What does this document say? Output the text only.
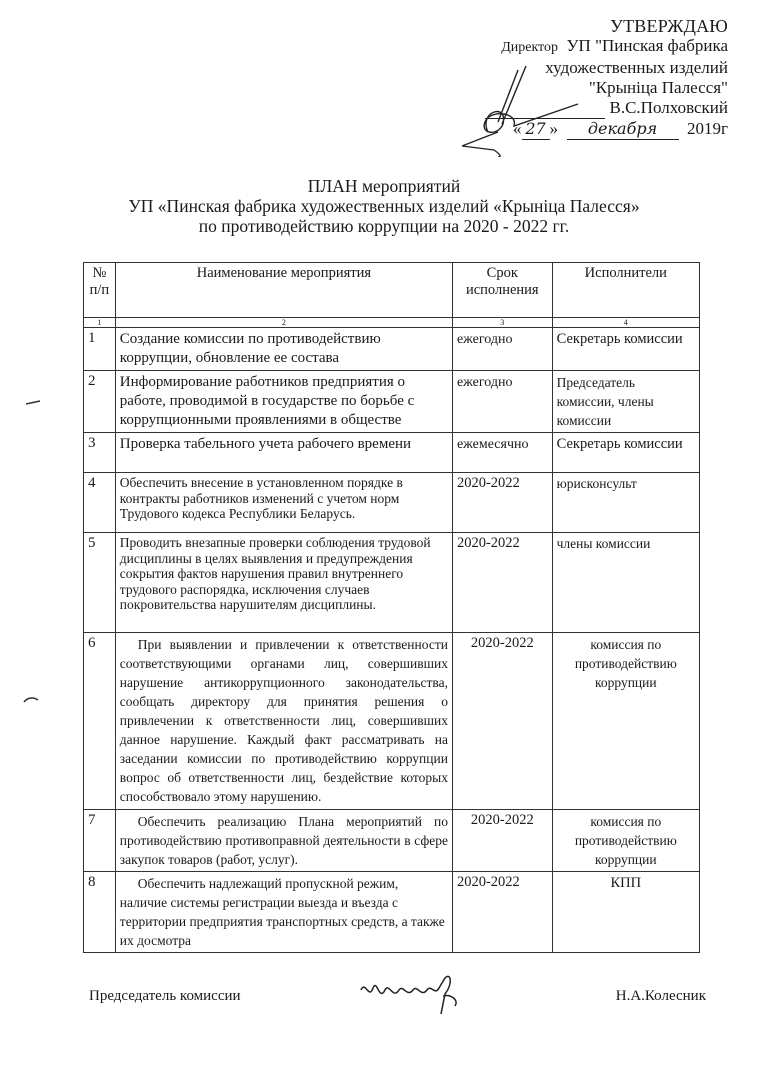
УТВЕРЖДАЮ
Директор УП "Пинская фабрика
художественных изделий
"Крыніца Палесся"
В.С.Полховский
« 27 » декабря 2019г
ПЛАН мероприятий
УП «Пинская фабрика художественных изделий «Крыніца Палесся»
по противодействию коррупции на 2020 - 2022 гг.
№ п/п	Наименование мероприятия	Срок исполнения	Исполнители
1	2	3	4
1	Создание комиссии по противодействию коррупции, обновление ее состава	ежегодно	Секретарь комиссии
2	Информирование работников предприятия о работе, проводимой в государстве по борьбе с коррупционными проявлениями в обществе	ежегодно	Председатель комиссии, члены комиссии
3	Проверка табельного учета рабочего времени	ежемесячно	Секретарь комиссии
4	Обеспечить внесение в установленном порядке в контракты работников изменений с учетом норм Трудового кодекса Республики Беларусь.	2020-2022	юрисконсульт
5	Проводить внезапные проверки соблюдения трудовой дисциплины в целях выявления и предупреждения сокрытия фактов нарушения правил внутреннего трудового распорядка, исключения случаев покровительства нарушителям дисциплины.	2020-2022	члены комиссии
6	При выявлении и привлечении к ответственности соответствующими органами лиц, совершивших нарушение антикоррупционного законодательства, сообщать директору для принятия решения о привлечении к ответственности лиц, совершивших данное нарушение. Каждый факт рассматривать на заседании комиссии по противодействию коррупции вопрос об ответственности лиц, бездействие которых способствовало этому нарушению.	2020-2022	комиссия по противодействию коррупции
7	Обеспечить реализацию Плана мероприятий по противодействию противоправной деятельности в сфере закупок товаров (работ, услуг).	2020-2022	комиссия по противодействию коррупции
8	Обеспечить надлежащий пропускной режим, наличие системы регистрации выезда и въезда с территории предприятия транспортных средств, а также их досмотра	2020-2022	КПП
Председатель комиссии	Н.А.Колесник
